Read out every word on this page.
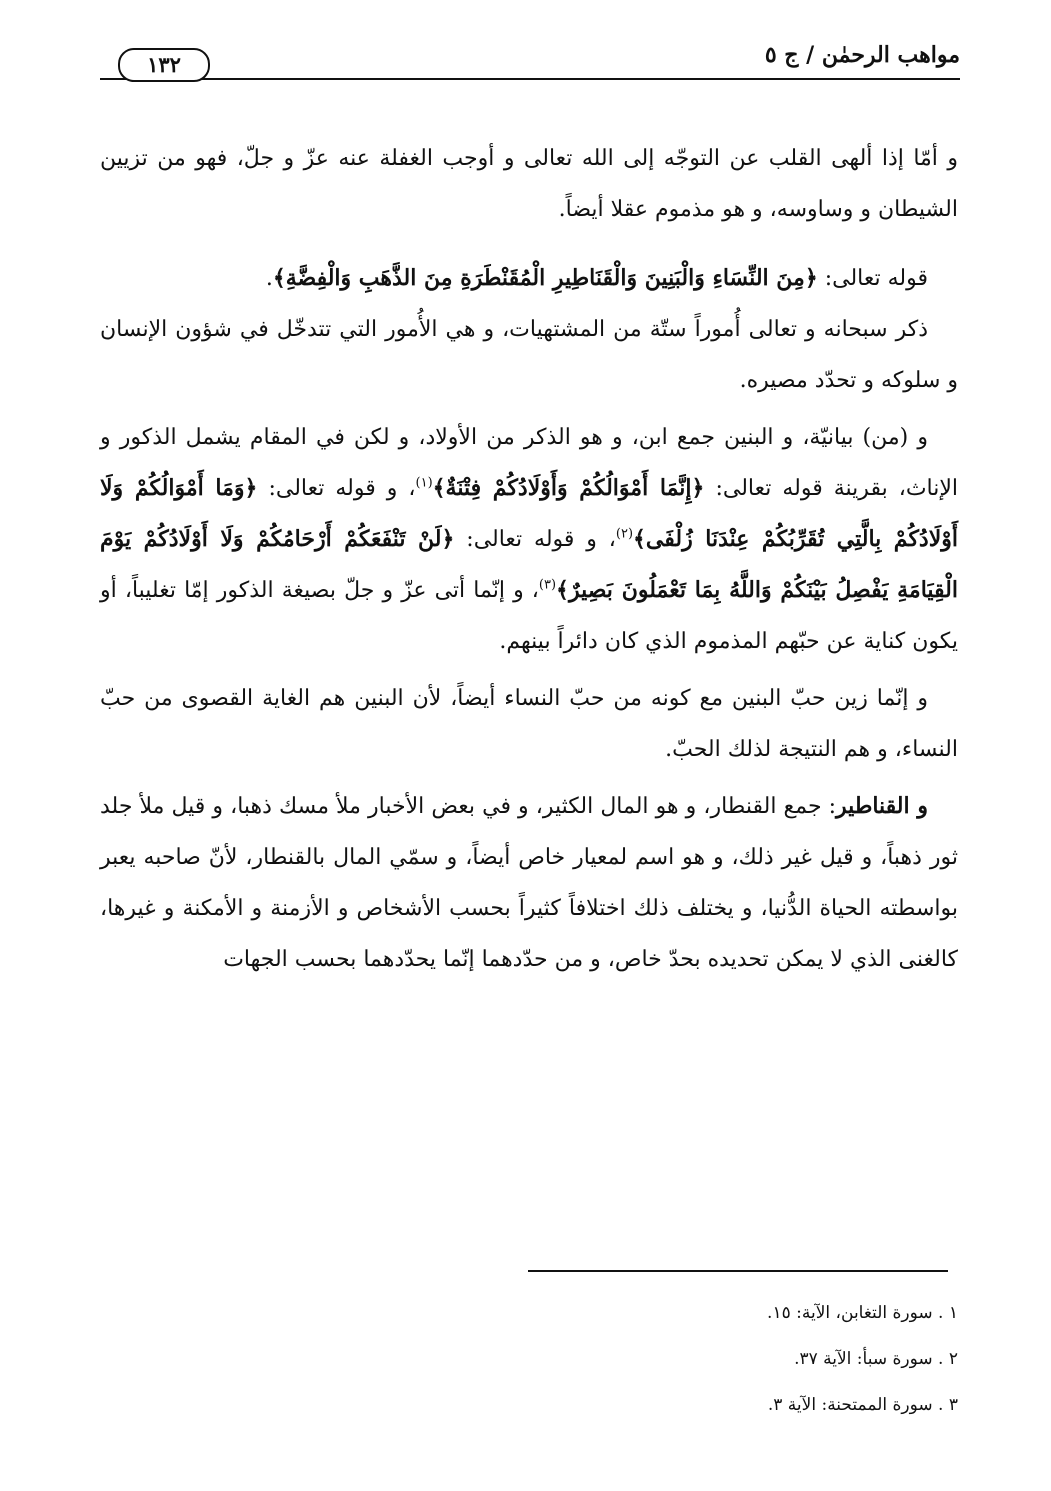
مواهب الرحمٰن / ج ٥
١٣٢

و أمّا إذا ألهى القلب عن التوجّه إلى الله تعالى و أوجب الغفلة عنه عزّ و جلّ، فهو من تزيين الشيطان و وساوسه، و هو مذموم عقلا أيضاً.

قوله تعالى: ﴿مِنَ النِّسَاءِ وَالْبَنِينَ وَالْقَنَاطِيرِ الْمُقَنْطَرَةِ مِنَ الذَّهَبِ وَالْفِضَّةِ﴾.

ذكر سبحانه و تعالى أُموراً ستّة من المشتهيات، و هي الأُمور التي تتدخّل في شؤون الإنسان و سلوكه و تحدّد مصيره.

و (من) بيانيّة، و البنين جمع ابن، و هو الذكر من الأولاد، و لكن في المقام يشمل الذكور و الإناث، بقرينة قوله تعالى: ﴿إِنَّمَا أَمْوَالُكُمْ وَأَوْلَادُكُمْ فِتْنَةٌ﴾$^{(١)}$، و قوله تعالى: ﴿وَمَا أَمْوَالُكُمْ وَلَا أَوْلَادُكُمْ بِالَّتِي تُقَرِّبُكُمْ عِنْدَنَا زُلْفَى﴾$^{(٢)}$، و قوله تعالى: ﴿لَنْ تَنْفَعَكُمْ أَرْحَامُكُمْ وَلَا أَوْلَادُكُمْ يَوْمَ الْقِيَامَةِ يَفْصِلُ بَيْنَكُمْ وَاللَّهُ بِمَا تَعْمَلُونَ بَصِيرٌ﴾$^{(٣)}$، و إنّما أتى عزّ و جلّ بصيغة الذكور إمّا تغليباً، أو يكون كناية عن حبّهم المذموم الذي كان دائراً بينهم.

و إنّما زين حبّ البنين مع كونه من حبّ النساء أيضاً، لأن البنين هم الغاية القصوى من حبّ النساء، و هم النتيجة لذلك الحبّ.

و القناطير: جمع القنطار، و هو المال الكثير، و في بعض الأخبار ملأ مسك ذهبا، و قيل ملأ جلد ثور ذهباً، و قيل غير ذلك، و هو اسم لمعيار خاص أيضاً، و سمّي المال بالقنطار، لأنّ صاحبه يعبر بواسطته الحياة الدُّنيا، و يختلف ذلك اختلافاً كثيراً بحسب الأشخاص و الأزمنة و الأمكنة و غيرها، كالغنى الذي لا يمكن تحديده بحدّ خاص، و من حدّدهما إنّما يحدّدهما بحسب الجهات

١ . سورة التغابن، الآية: ١٥.

٢ . سورة سبأ: الآية ٣٧.

٣ . سورة الممتحنة: الآية ٣.
